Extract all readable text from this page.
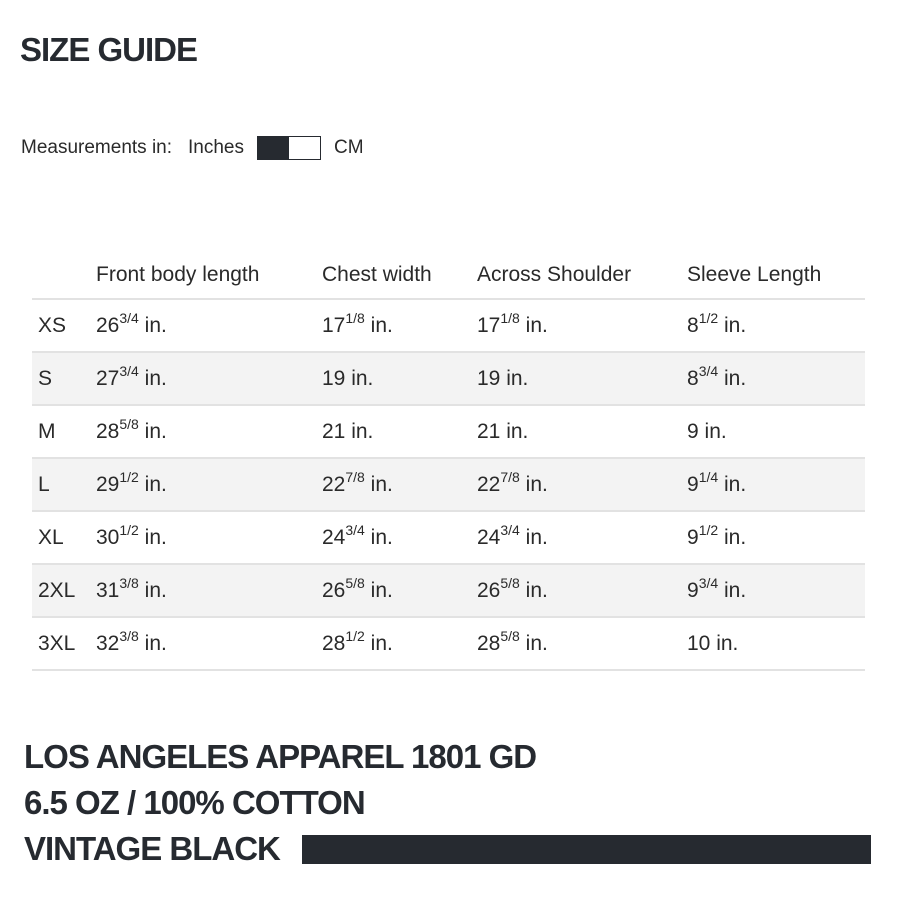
SIZE GUIDE
Measurements in: Inches	CM
	Front body length	Chest width	Across Shoulder	Sleeve Length
XS	$26^{3/4}$ in.	$17^{1/8}$ in.	$17^{1/8}$ in.	$8^{1/2}$ in.
S	$27^{3/4}$ in.	19 in.	19 in.	$8^{3/4}$ in.
M	$28^{5/8}$ in.	21 in.	21 in.	9 in.
L	$29^{1/2}$ in.	$22^{7/8}$ in.	$22^{7/8}$ in.	$9^{1/4}$ in.
XL	$30^{1/2}$ in.	$24^{3/4}$ in.	$24^{3/4}$ in.	$9^{1/2}$ in.
2XL	$31^{3/8}$ in.	$26^{5/8}$ in.	$26^{5/8}$ in.	$9^{3/4}$ in.
3XL	$32^{3/8}$ in.	$28^{1/2}$ in.	$28^{5/8}$ in.	10 in.
LOS ANGELES APPAREL 1801 GD
6.5 OZ / 100% COTTON
VINTAGE BLACK
